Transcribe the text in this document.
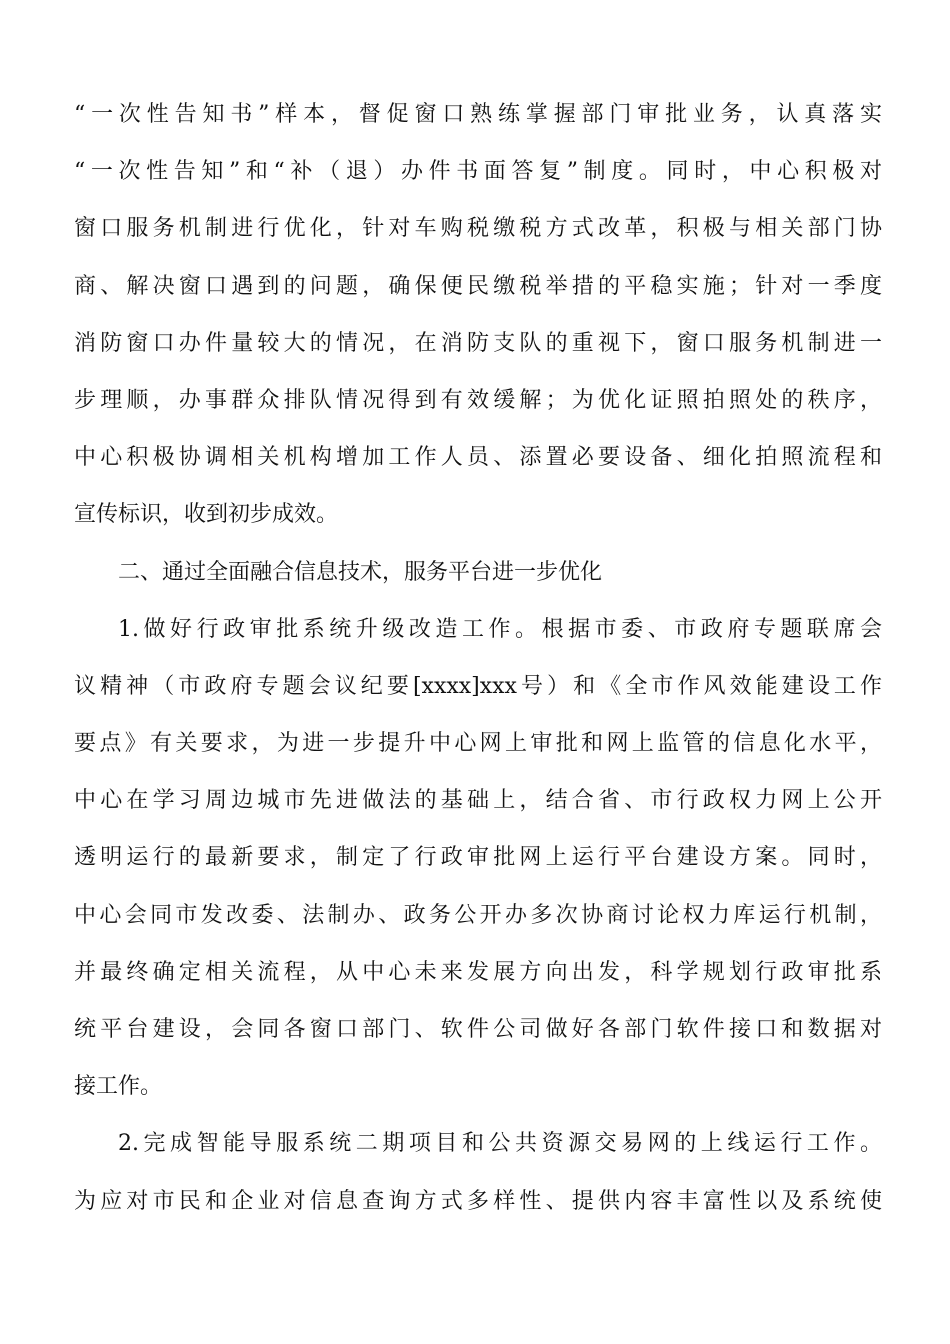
“一次性告知书”样本，督促窗口熟练掌握部门审批业务，认真落实
“一次性告知”和“补（退）办件书面答复”制度。同时，中心积极对
窗口服务机制进行优化，针对车购税缴税方式改革，积极与相关部门协
商、解决窗口遇到的问题，确保便民缴税举措的平稳实施；针对一季度
消防窗口办件量较大的情况，在消防支队的重视下，窗口服务机制进一
步理顺，办事群众排队情况得到有效缓解；为优化证照拍照处的秩序，
中心积极协调相关机构增加工作人员、添置必要设备、细化拍照流程和
宣传标识，收到初步成效。
二、通过全面融合信息技术，服务平台进一步优化
1.做好行政审批系统升级改造工作。根据市委、市政府专题联席会
议精神（市政府专题会议纪要[xxxx]xxx号）和《全市作风效能建设工作
要点》有关要求，为进一步提升中心网上审批和网上监管的信息化水平，
中心在学习周边城市先进做法的基础上，结合省、市行政权力网上公开
透明运行的最新要求，制定了行政审批网上运行平台建设方案。同时，
中心会同市发改委、法制办、政务公开办多次协商讨论权力库运行机制，
并最终确定相关流程，从中心未来发展方向出发，科学规划行政审批系
统平台建设，会同各窗口部门、软件公司做好各部门软件接口和数据对
接工作。
2.完成智能导服系统二期项目和公共资源交易网的上线运行工作。
为应对市民和企业对信息查询方式多样性、提供内容丰富性以及系统使
